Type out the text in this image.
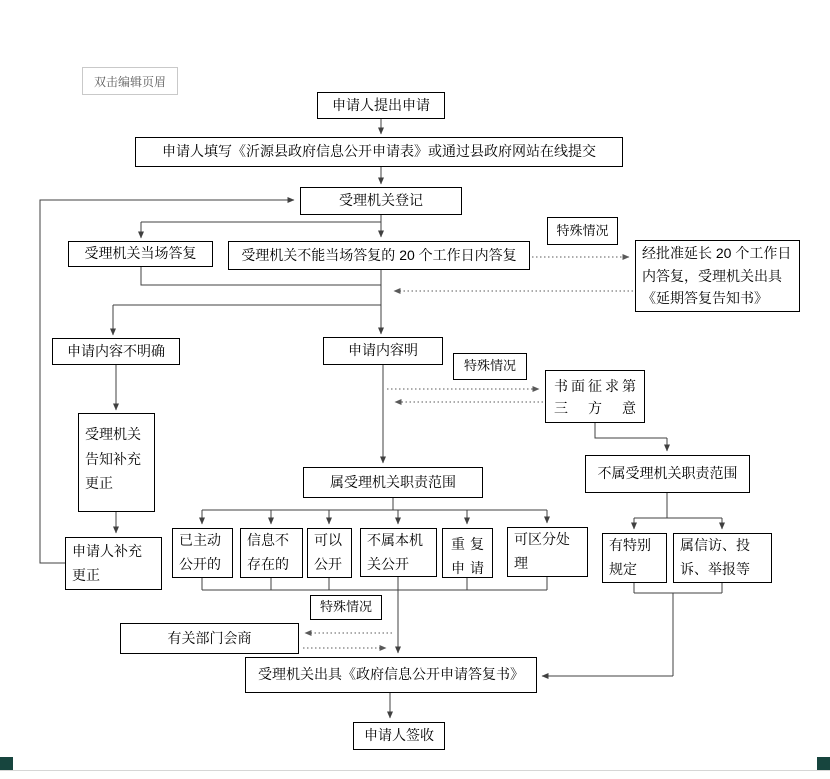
双击编辑页眉
申请人提出申请
申请人填写《沂源县政府信息公开申请表》或通过县政府网站在线提交
受理机关登记
特殊情况
受理机关当场答复	受理机关不能当场答复的 20 个工作日内答复	经批准延长 20 个工作日内答复，受理机关出具《延期答复告知书》
申请内容不明确	申请内容明
特殊情况
书面征求第三方意
受理机关告知补充更正
申请人补充更正
属受理机关职责范围
不属受理机关职责范围
已主动公开的
信息不存在的
可以公开
不属本机关公开
重复申请
可区分处理
有特别规定
属信访、投诉、举报等
特殊情况
有关部门会商
受理机关出具《政府信息公开申请答复书》
申请人签收
